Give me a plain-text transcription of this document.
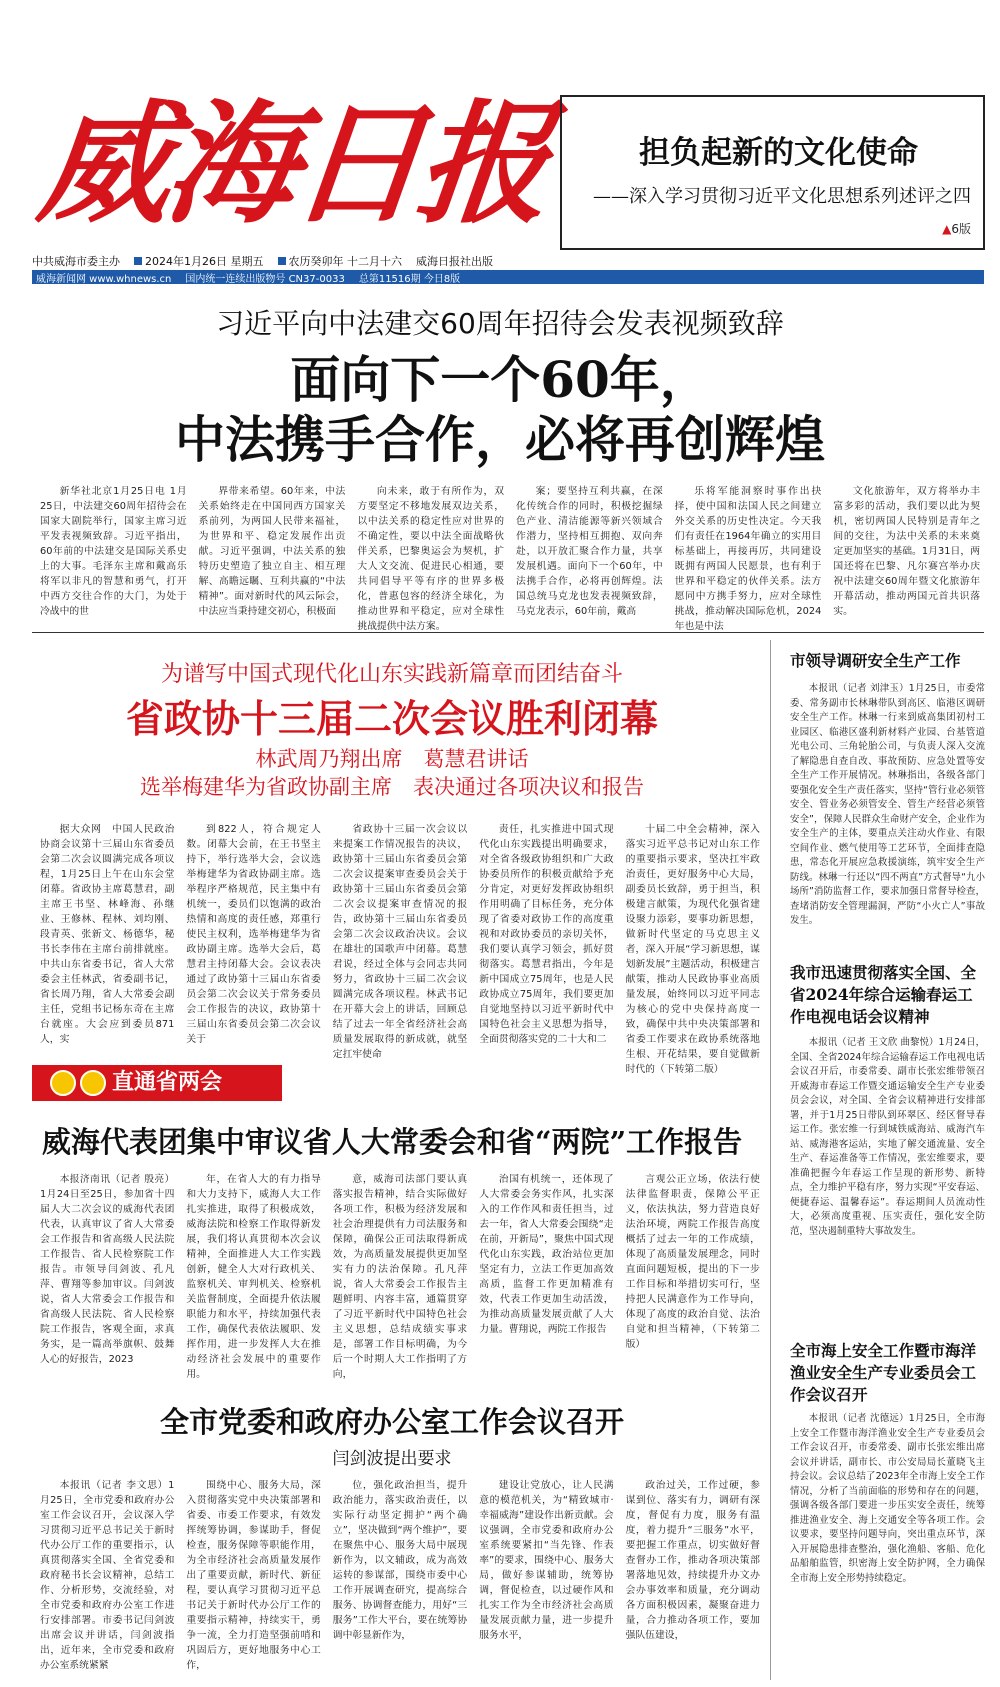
威海日报	担负起新的文化使命
——深入学习贯彻习近平文化思想系列述评之四
▲6版
中共威海市委主办	2024年1月26日 星期五	农历癸卯年 十二月十六 威海日报社出版
威海新闻网 www.whnews.cn 国内统一连续出版物号 CN37-0033 总第11516期 今日8版
习近平向中法建交60周年招待会发表视频致辞
面向下一个60年，
中法携手合作，必将再创辉煌

新华社北京1月25日电 1月25日，中法建交60周年招待会在国家大剧院举行，国家主席习近平发表视频致辞。习近平指出，60年前的中法建交是国际关系史上的大事。毛泽东主席和戴高乐将军以非凡的智慧和勇气，打开中西方交往合作的大门，为处于冷战中的世

界带来希望。60年来，中法关系始终走在中国同西方国家关系前列，为两国人民带来福祉，为世界和平、稳定发展作出贡献。习近平强调，中法关系的独特历史塑造了独立自主、相互理解、高瞻远瞩、互利共赢的“中法精神”。面对新时代的风云际会，中法应当秉持建交初心，积极面

向未来，敢于有所作为，双方要坚定不移地发展双边关系，以中法关系的稳定性应对世界的不确定性，要以中法全面战略伙伴关系，巴黎奥运会为契机，扩大人文交流、促进民心相通，要共同倡导平等有序的世界多极化，普惠包容的经济全球化，为推动世界和平稳定，应对全球性挑战提供中法方案。

案；要坚持互利共赢，在深化传统合作的同时，积极挖掘绿色产业、清洁能源等新兴领域合作潜力，坚持相互拥抱、双向奔赴，以开放汇聚合作力量，共享发展机遇。面向下一个60年，中法携手合作，必将再创辉煌。法国总统马克龙也发表视频致辞，马克龙表示，60年前，戴高

乐将军能洞察时事作出抉择，使中国和法国人民之间建立外交关系的历史性决定。今天我们有责任在1964年确立的实用目标基础上，再接再厉，共同建设既拥有两国人民愿景，也有利于世界和平稳定的伙伴关系。法方愿同中方携手努力，应对全球性挑战，推动解决国际危机，2024年也是中法

文化旅游年，双方将举办丰富多彩的活动，我们要以此为契机，密切两国人民特别是青年之间的交往，为法中关系的未来奠定更加坚实的基础。1月31日，两国还将在巴黎、凡尔赛宫举办庆祝中法建交60周年暨文化旅游年开幕活动，推动两国元首共识落实。

为谱写中国式现代化山东实践新篇章而团结奋斗
省政协十三届二次会议胜利闭幕
林武周乃翔出席　葛慧君讲话
选举梅建华为省政协副主席　表决通过各项决议和报告

据大众网　中国人民政治协商会议第十三届山东省委员会第二次会议圆满完成各项议程，1月25日上午在山东会堂闭幕。省政协主席葛慧君，副主席王书坚、林峰海、孙继业、王修林、程林、刘均刚、段青英、张新文、杨德华，秘书长李伟在主席台前排就座。中共山东省委书记，省人大常委会主任林武，省委副书记，省长周乃翔，省人大常委会副主任，党组书记杨东奇在主席台就座。大会应到委员871人，实

到822人，符合规定人数。闭幕大会前，在王书坚主持下，举行选举大会，会议选举梅建华为省政协副主席。选举程序严格规范，民主集中有机统一，委员们以饱满的政治热情和高度的责任感，郑重行使民主权利，选举梅建华为省政协副主席。选举大会后，葛慧君主持闭幕大会。会议表决通过了政协第十三届山东省委员会第二次会议关于常务委员会工作报告的决议，政协第十三届山东省委员会第二次会议关于

省政协十三届一次会议以来提案工作情况报告的决议，政协第十三届山东省委员会第二次会议提案审查委员会关于政协第十三届山东省委员会第二次会议提案审查情况的报告，政协第十三届山东省委员会第二次会议政治决议。会议在雄壮的国歌声中闭幕。葛慧君说，经过全体与会同志共同努力，省政协十三届二次会议圆满完成各项议程。林武书记在开幕大会上的讲话，回顾总结了过去一年全省经济社会高质量发展取得的新成就，就坚定扛牢使命

责任，扎实推进中国式现代化山东实践提出明确要求，对全省各级政协组织和广大政协委员所作的积极贡献给予充分肯定，对更好发挥政协组织作用明确了目标任务，充分体现了省委对政协工作的高度重视和对政协委员的亲切关怀，我们要认真学习领会，抓好贯彻落实。葛慧君指出，今年是新中国成立75周年，也是人民政协成立75周年，我们要更加自觉地坚持以习近平新时代中国特色社会主义思想为指导，全面贯彻落实党的二十大和二

十届二中全会精神，深入落实习近平总书记对山东工作的重要指示要求，坚决扛牢政治责任，更好服务中心大局，副委员长致辞，勇于担当，积极建言献策，为现代化强省建设聚力添彩，要事功新思想，做新时代坚定的马克思主义者，深入开展“学习新思想，谋划新发展”主题活动，积极建言献策，推动人民政协事业高质量发展，始终同以习近平同志为核心的党中央保持高度一致，确保中共中央决策部署和省委工作要求在政协系统落地生根、开花结果，要自觉做新时代的（下转第二版）

直通省两会
威海代表团集中审议省人大常委会和省“两院”工作报告

本报济南讯（记者 殷亮）1月24日至25日，参加省十四届人大二次会议的威海代表团代表，认真审议了省人大常委会工作报告和省高级人民法院工作报告、省人民检察院工作报告。市领导闫剑波、孔凡萍、曹翔等参加审议。闫剑波说，省人大常委会工作报告和省高级人民法院、省人民检察院工作报告，客观全面，求真务实，是一篇高举旗帜、鼓舞人心的好报告，2023

年，在省人大的有力指导和大力支持下，威海人大工作扎实推进，取得了积极成效，威海法院和检察工作取得新发展，我们将认真贯彻本次会议精神，全面推进人大工作实践创新，健全人大对行政机关、监察机关、审判机关、检察机关监督制度，全面提升依法履职能力和水平，持续加强代表工作，确保代表依法履职、发挥作用，进一步发挥人大在推动经济社会发展中的重要作用。

意，威海司法部门要认真落实报告精神，结合实际做好各项工作，积极为经济发展和社会治理提供有力司法服务和保障，确保公正司法取得新成效，为高质量发展提供更加坚实有力的法治保障。孔凡萍说，省人大常委会工作报告主题鲜明、内容丰富，通篇贯穿了习近平新时代中国特色社会主义思想，总结成绩实事求是，部署工作目标明确，为今后一个时期人大工作指明了方向，

治国有机统一，还体现了人大常委会务实作风，扎实深入的工作作风和责任担当，过去一年，省人大常委会围绕“走在前，开新局”，聚焦中国式现代化山东实践，政治站位更加坚定有力，立法工作更加高效高质，监督工作更加精准有效，代表工作更加生动活泼，为推动高质量发展贡献了人大力量。曹翔说，两院工作报告

言观公正立场，依法行使法律监督职责，保障公平正义，依法执法，努力营造良好法治环境，两院工作报告高度概括了过去一年的工作成绩，体现了高质量发展理念，同时直面问题短板，提出的下一步工作目标和举措切实可行，坚持把人民满意作为工作导向，体现了高度的政治自觉、法治自觉和担当精神，（下转第二版）

全市党委和政府办公室工作会议召开
闫剑波提出要求

本报讯（记者 李文思）1月25日，全市党委和政府办公室工作会议召开，会议深入学习贯彻习近平总书记关于新时代办公厅工作的重要指示，认真贯彻落实全国、全省党委和政府秘书长会议精神，总结工作、分析形势，交流经验，对全市党委和政府办公室工作进行安排部署。市委书记闫剑波出席会议并讲话，闫剑波指出，近年来，全市党委和政府办公室系统紧紧

围绕中心、服务大局，深入贯彻落实党中央决策部署和省委、市委工作要求，有效发挥统筹协调，参谋助手，督促检查，服务保障等职能作用，为全市经济社会高质量发展作出了重要贡献，新时代、新征程，要认真学习贯彻习近平总书记关于新时代办公厅工作的重要指示精神，持续实干，勇争一流，全力打造坚强前哨和巩固后方，更好地服务中心工作，

位，强化政治担当，提升政治能力，落实政治责任，以实际行动坚定拥护“两个确立”，坚决做到“两个维护”，要在聚焦中心、服务大局中展现新作为，以文辅政，成为高效运转的参谋部，围绕市委中心工作开展调查研究，提高综合服务、协调督查能力，用好“三服务”工作大平台，要在统筹协调中彰显新作为，

建设让党放心，让人民满意的模范机关，为“精致城市·幸福威海”建设作出新贡献。会议强调，全市党委和政府办公室系统要紧扣“当先锋、作表率”的要求，围绕中心、服务大局，做好参谋辅助，统筹协调，督促检查，以过硬作风和扎实工作为全市经济社会高质量发展贡献力量，进一步提升服务水平，

政治过关，工作过硬，参谋到位、落实有力，调研有深度，督促有力度，服务有温度，着力提升“三服务”水平，要把握工作重点，切实做好督查督办工作，推动各项决策部署落地见效，持续提升办文办会办事效率和质量，充分调动各方面积极因素，凝聚奋进力量，合力推动各项工作，要加强队伍建设，

市领导调研安全生产工作

本报讯（记者 刘津玉）1月25日，市委常委、常务副市长林琳带队到高区、临港区调研安全生产工作。林琳一行来到威高集团初村工业园区、临港区盛利新材料产业园、台基管道光电公司、三角轮胎公司，与负责人深入交流了解隐患自查自改、事故预防、应急处置等安全生产工作开展情况。林琳指出，各级各部门要强化安全生产责任落实，坚持“管行业必须管安全、管业务必须管安全、管生产经营必须管安全”，保障人民群众生命财产安全，企业作为安全生产的主体，要重点关注动火作业、有限空间作业、燃气使用等工艺环节，全面排查隐患，常态化开展应急救援演练，筑牢安全生产防线。林琳一行还以“四不两直”方式督导“九小场所”消防监督工作，要求加强日常督导检查，查堵消防安全管理漏洞，严防“小火亡人”事故发生。

我市迅速贯彻落实全国、全省2024年综合运输春运工作电视电话会议精神

本报讯（记者 王文欣 曲黎悦）1月24日，全国、全省2024年综合运输春运工作电视电话会议召开后，市委常委、副市长张宏维带领召开威海市春运工作暨交通运输安全生产专业委员会会议，对全国、全省会议精神进行安排部署，并于1月25日带队到环翠区、经区督导春运工作。张宏维一行到城铁威海站、威海汽车站、威海港客运站，实地了解交通流量、安全生产、春运准备等工作情况，张宏维要求，要准确把握今年春运工作呈现的新形势、新特点，全力维护平稳有序，努力实现“平安春运、便捷春运、温馨春运”。春运期间人员流动性大，必须高度重视、压实责任，强化安全防范，坚决遏制重特大事故发生。

全市海上安全工作暨市海洋渔业安全生产专业委员会工作会议召开

本报讯（记者 沈德远）1月25日，全市海上安全工作暨市海洋渔业安全生产专业委员会工作会议召开，市委常委、副市长张宏维出席会议并讲话，副市长、市公安局局长董晓飞主持会议。会议总结了2023年全市海上安全工作情况，分析了当前面临的形势和存在的问题，强调各级各部门要进一步压实安全责任，统筹推进渔业安全、海上交通安全等各项工作。会议要求，要坚持问题导向，突出重点环节，深入开展隐患排查整治，强化渔船、客船、危化品船舶监管，织密海上安全防护网，全力确保全市海上安全形势持续稳定。
